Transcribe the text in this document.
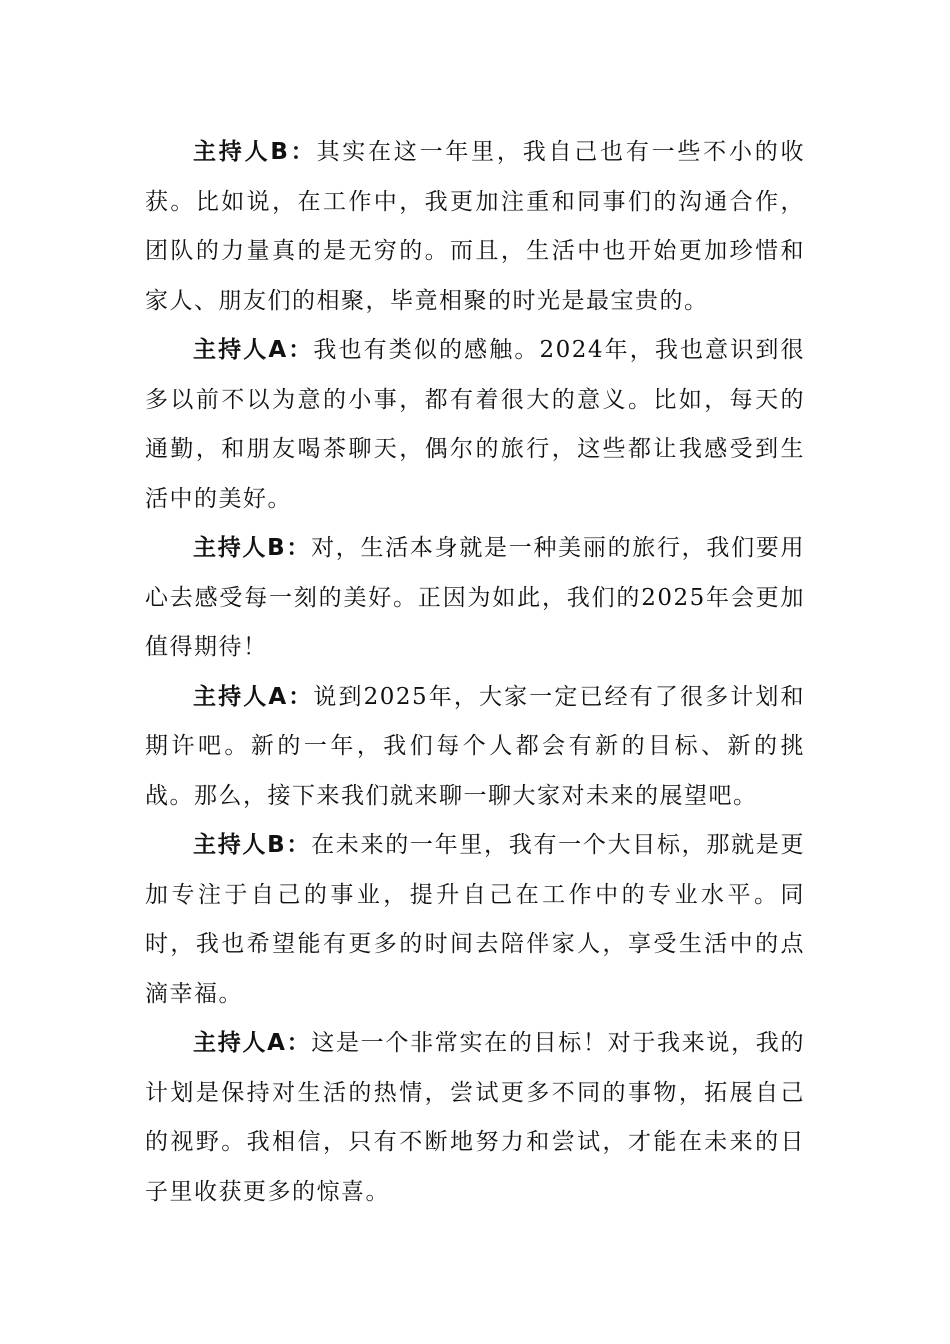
主持人B：其实在这一年里，我自己也有一些不小的收获。比如说，在工作中，我更加注重和同事们的沟通合作，团队的力量真的是无穷的。而且，生活中也开始更加珍惜和家人、朋友们的相聚，毕竟相聚的时光是最宝贵的。

主持人A：我也有类似的感触。2024年，我也意识到很多以前不以为意的小事，都有着很大的意义。比如，每天的通勤，和朋友喝茶聊天，偶尔的旅行，这些都让我感受到生活中的美好。

主持人B：对，生活本身就是一种美丽的旅行，我们要用心去感受每一刻的美好。正因为如此，我们的2025年会更加值得期待！

主持人A：说到2025年，大家一定已经有了很多计划和期许吧。新的一年，我们每个人都会有新的目标、新的挑战。那么，接下来我们就来聊一聊大家对未来的展望吧。

主持人B：在未来的一年里，我有一个大目标，那就是更加专注于自己的事业，提升自己在工作中的专业水平。同时，我也希望能有更多的时间去陪伴家人，享受生活中的点滴幸福。

主持人A：这是一个非常实在的目标！对于我来说，我的计划是保持对生活的热情，尝试更多不同的事物，拓展自己的视野。我相信，只有不断地努力和尝试，才能在未来的日子里收获更多的惊喜。
